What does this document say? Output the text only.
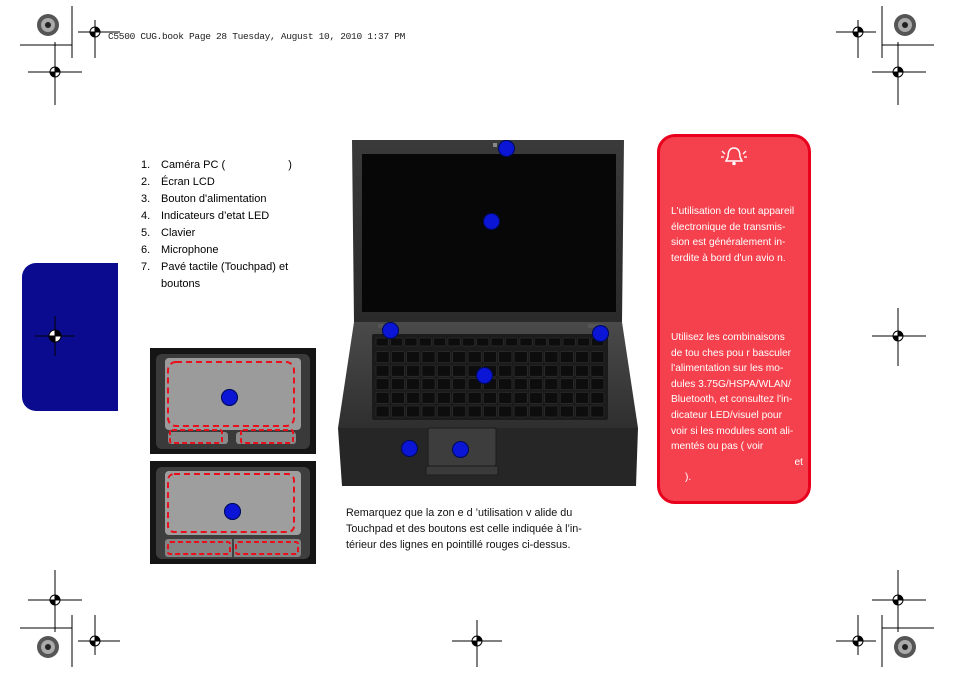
C5500 CUG.book Page 28 Tuesday, August 10, 2010 1:37 PM
1. Caméra PC (	)
2. Écran LCD
3. Bouton d'alimentation
4. Indicateurs d’etat LED
5. Clavier
6. Microphone
7. Pavé tactile (Touchpad) et
boutons
Remarquez que la zon e d ’utilisation v alide du
Touchpad et des boutons est celle indiquée à l’in-
térieur des lignes en pointillé rouges ci-dessus.
L'utilisation de tout appareil
électronique de transmis-
sion est généralement in-
terdite à bord d'un avio n.
Utilisez les combinaisons
de tou ches pou r basculer
l'alimentation sur les mo-
dules 3.75G/HSPA/WLAN/
Bluetooth, et consultez l'in-
dicateur LED/visuel pour
voir si les modules sont ali-
mentés ou pas ( voir
et
).
